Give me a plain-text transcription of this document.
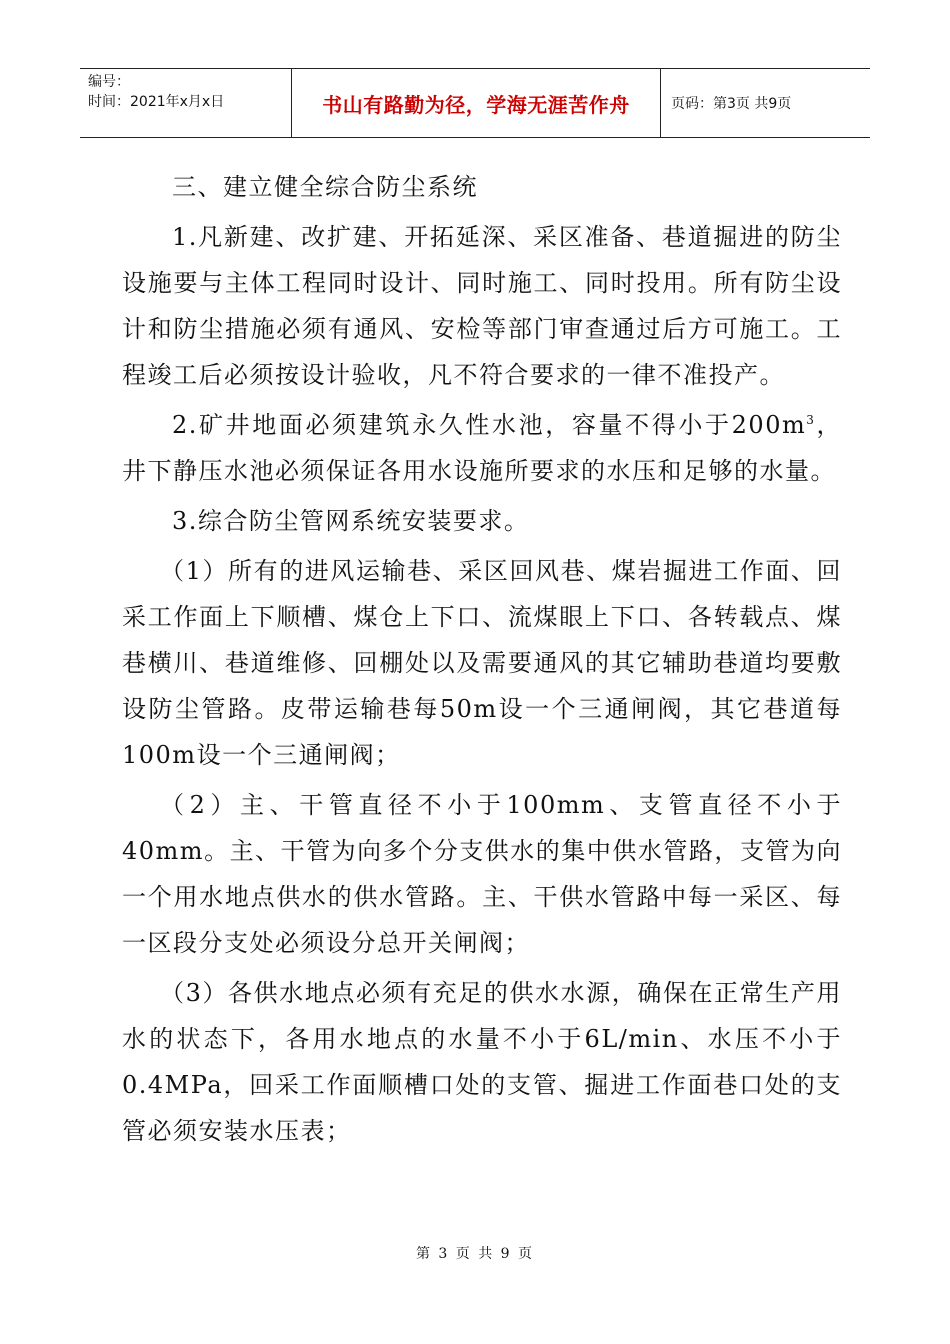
编号：
时间：2021年x月x日	书山有路勤为径，学海无涯苦作舟	页码：第3页 共9页

三、建立健全综合防尘系统

1.凡新建、改扩建、开拓延深、采区准备、巷道掘进的防尘设施要与主体工程同时设计、同时施工、同时投用。所有防尘设计和防尘措施必须有通风、安检等部门审查通过后方可施工。工程竣工后必须按设计验收，凡不符合要求的一律不准投产。

2.矿井地面必须建筑永久性水池，容量不得小于$200m^3$，井下静压水池必须保证各用水设施所要求的水压和足够的水量。

3.综合防尘管网系统安装要求。

（1）所有的进风运输巷、采区回风巷、煤岩掘进工作面、回采工作面上下顺槽、煤仓上下口、流煤眼上下口、各转载点、煤巷横川、巷道维修、回棚处以及需要通风的其它辅助巷道均要敷设防尘管路。皮带运输巷每50m设一个三通闸阀，其它巷道每100m设一个三通闸阀；

（2）主、干管直径不小于100mm、支管直径不小于40mm。主、干管为向多个分支供水的集中供水管路，支管为向一个用水地点供水的供水管路。主、干供水管路中每一采区、每一区段分支处必须设分总开关闸阀；

（3）各供水地点必须有充足的供水水源，确保在正常生产用水的状态下，各用水地点的水量不小于6L/min、水压不小于0.4MPa，回采工作面顺槽口处的支管、掘进工作面巷口处的支管必须安装水压表；

第 3 页 共 9 页
